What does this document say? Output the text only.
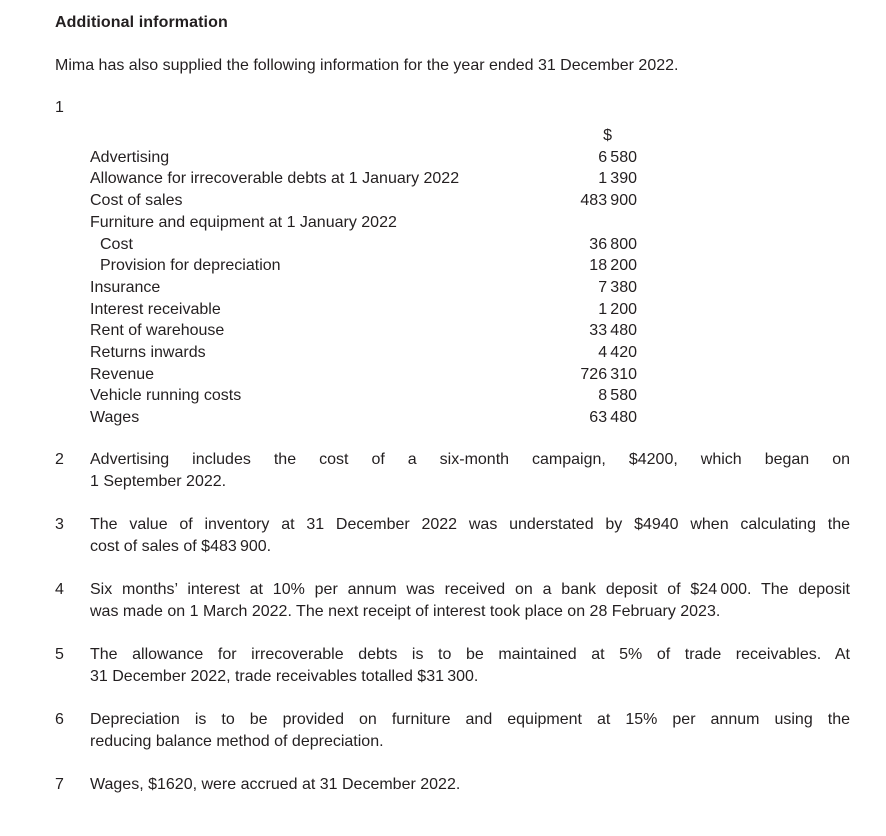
Additional information
Mima has also supplied the following information for the year ended 31 December 2022.
1
$
Advertising	6 580
Allowance for irrecoverable debts at 1 January 2022	1 390
Cost of sales	483 900
Furniture and equipment at 1 January 2022
Cost	36 800
Provision for depreciation	18 200
Insurance	7 380
Interest receivable	1 200
Rent of warehouse	33 480
Returns inwards	4 420
Revenue	726 310
Vehicle running costs	8 580
Wages	63 480
2	Advertising includes the cost of a six-month campaign, $4200, which began on
1 September 2022.
3	The value of inventory at 31 December 2022 was understated by $4940 when calculating the
cost of sales of $483 900.
4	Six months’ interest at 10% per annum was received on a bank deposit of $24 000. The deposit
was made on 1 March 2022. The next receipt of interest took place on 28 February 2023.
5	The allowance for irrecoverable debts is to be maintained at 5% of trade receivables. At
31 December 2022, trade receivables totalled $31 300.
6	Depreciation is to be provided on furniture and equipment at 15% per annum using the
reducing balance method of depreciation.
7	Wages, $1620, were accrued at 31 December 2022.
